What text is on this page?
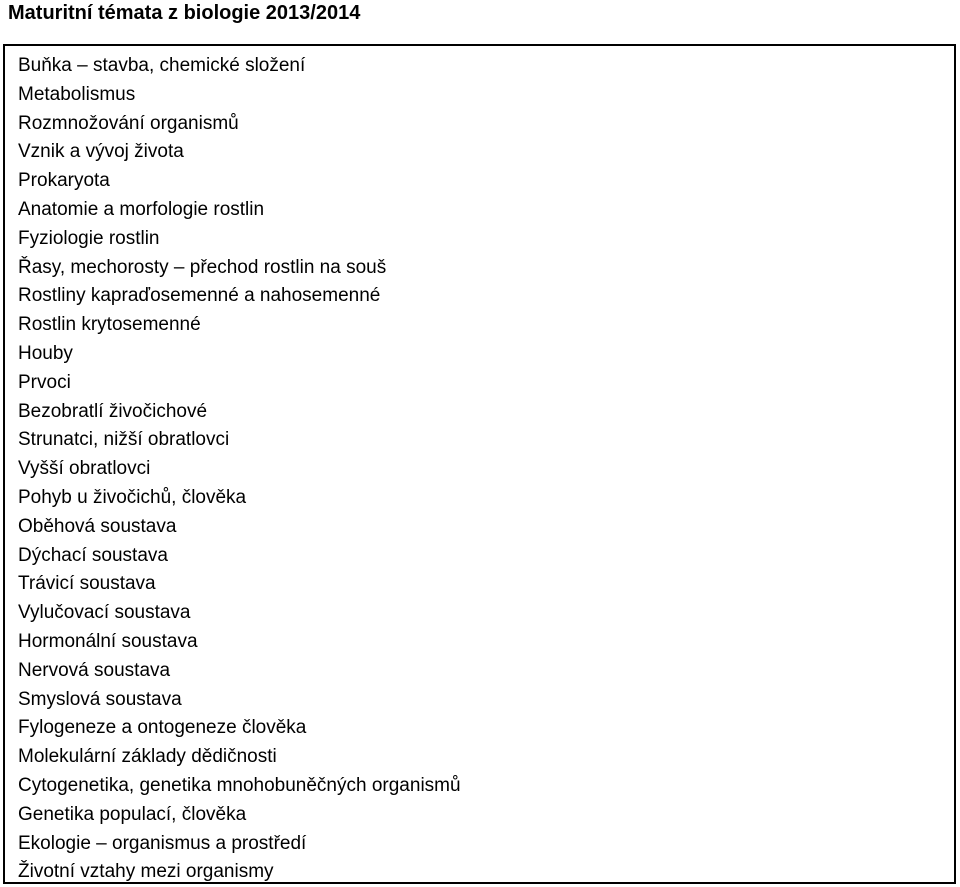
Maturitní témata z biologie 2013/2014
Buňka – stavba, chemické složení
Metabolismus
Rozmnožování organismů
Vznik a vývoj života
Prokaryota
Anatomie a morfologie rostlin
Fyziologie rostlin
Řasy, mechorosty – přechod rostlin na souš
Rostliny kapraďosemenné a nahosemenné
Rostlin krytosemenné
Houby
Prvoci
Bezobratlí živočichové
Strunatci, nižší obratlovci
Vyšší obratlovci
Pohyb u živočichů, člověka
Oběhová soustava
Dýchací soustava
Trávicí soustava
Vylučovací soustava
Hormonální soustava
Nervová soustava
Smyslová soustava
Fylogeneze a ontogeneze člověka
Molekulární základy dědičnosti
Cytogenetika, genetika mnohobuněčných organismů
Genetika populací, člověka
Ekologie – organismus a prostředí
Životní vztahy mezi organismy
